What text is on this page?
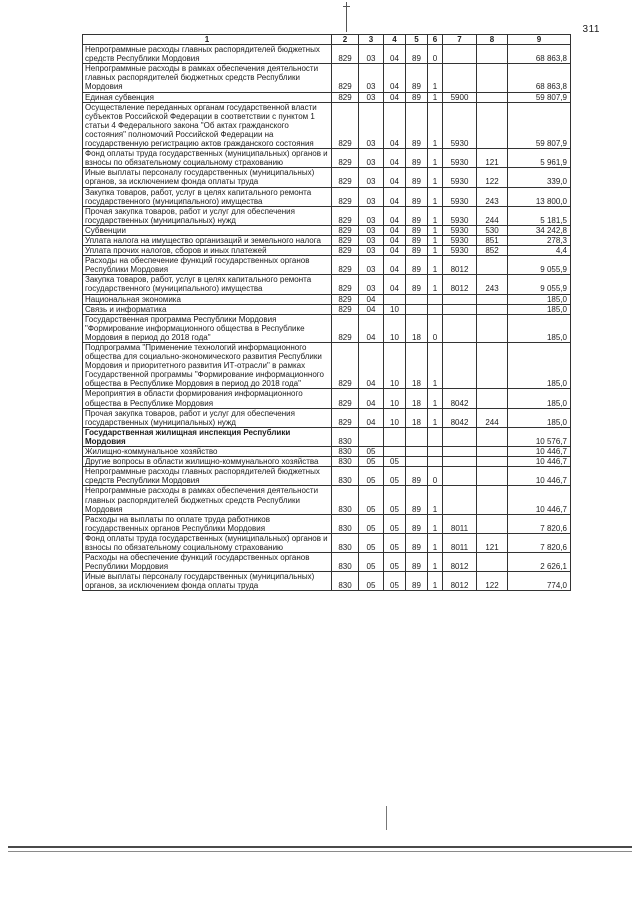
311
1	2	3	4	5	6	7	8	9
Непрограммные расходы главных распорядителей бюджетных средств Республики Мордовия	829	03	04	89	0			68 863,8
Непрограммные расходы в рамках обеспечения деятельности главных распорядителей бюджетных средств Республики Мордовия	829	03	04	89	1			68 863,8
Единая субвенция	829	03	04	89	1	5900		59 807,9
Осуществление переданных органам государственной власти субъектов Российской Федерации в соответствии с пунктом 1 статьи 4 Федерального закона "Об актах гражданского состояния" полномочий Российской Федерации на государственную регистрацию актов гражданского состояния	829	03	04	89	1	5930		59 807,9
Фонд оплаты труда государственных (муниципальных) органов и взносы по обязательному социальному страхованию	829	03	04	89	1	5930	121	5 961,9
Иные выплаты персоналу государственных (муниципальных) органов, за исключением фонда оплаты труда	829	03	04	89	1	5930	122	339,0
Закупка товаров, работ, услуг в целях капитального ремонта государственного (муниципального) имущества	829	03	04	89	1	5930	243	13 800,0
Прочая закупка товаров, работ и услуг для обеспечения государственных (муниципальных) нужд	829	03	04	89	1	5930	244	5 181,5
Субвенции	829	03	04	89	1	5930	530	34 242,8
Уплата налога на имущество организаций и земельного налога	829	03	04	89	1	5930	851	278,3
Уплата прочих налогов, сборов и иных платежей	829	03	04	89	1	5930	852	4,4
Расходы на обеспечение функций государственных органов Республики Мордовия	829	03	04	89	1	8012		9 055,9
Закупка товаров, работ, услуг в целях капитального ремонта государственного (муниципального) имущества	829	03	04	89	1	8012	243	9 055,9
Национальная экономика	829	04						185,0
Связь и информатика	829	04	10					185,0
Государственная программа Республики Мордовия "Формирование информационного общества в Республике Мордовия в период до 2018 года"	829	04	10	18	0			185,0
Подпрограмма "Применение технологий информационного общества для социально-экономического развития Республики Мордовия и приоритетного развития ИТ-отрасли" в рамках Государственной программы "Формирование информационного общества в Республике Мордовия в период до 2018 года"	829	04	10	18	1			185,0
Мероприятия в области формирования информационного общества в Республике Мордовия	829	04	10	18	1	8042		185,0
Прочая закупка товаров, работ и услуг для обеспечения государственных (муниципальных) нужд	829	04	10	18	1	8042	244	185,0
Государственная жилищная инспекция Республики Мордовия	830							10 576,7
Жилищно-коммунальное хозяйство	830	05						10 446,7
Другие вопросы в области жилищно-коммунального хозяйства	830	05	05					10 446,7
Непрограммные расходы главных распорядителей бюджетных средств Республики Мордовия	830	05	05	89	0			10 446,7
Непрограммные расходы в рамках обеспечения деятельности главных распорядителей бюджетных средств Республики Мордовия	830	05	05	89	1			10 446,7
Расходы на выплаты по оплате труда работников государственных органов Республики Мордовия	830	05	05	89	1	8011		7 820,6
Фонд оплаты труда государственных (муниципальных) органов и взносы по обязательному социальному страхованию	830	05	05	89	1	8011	121	7 820,6
Расходы на обеспечение функций государственных органов Республики Мордовия	830	05	05	89	1	8012		2 626,1
Иные выплаты персоналу государственных (муниципальных) органов, за исключением фонда оплаты труда	830	05	05	89	1	8012	122	774,0
